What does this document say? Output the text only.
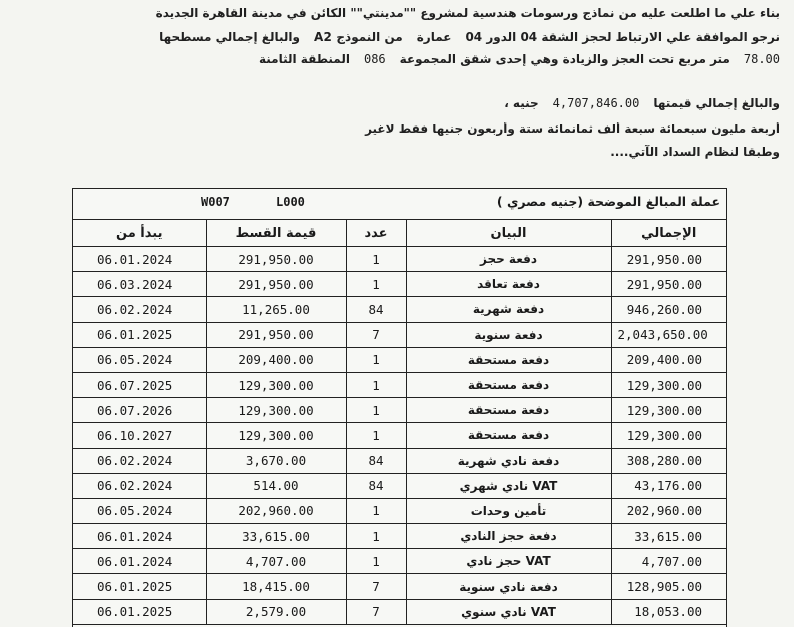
بناء علي ما اطلعت عليه من نماذج ورسومات هندسية لمشروع ""مدينتي"" الكائن في مدينة القاهرة الجديدة
نرجو الموافقة علي الارتباط لحجز الشقة 04 الدور 04عمارةمن النموذج A2والبالغ إجمالي مسطحها
78.00متر مربع تحت العجز والزيادة وهي إحدى شقق المجموعة086المنطقة الثامنة
والبالغ إجمالي قيمتها4,707,846.00جنيه ،
أربعة مليون سبعمائة سبعة ألف ثمانمائة ستة وأربعون جنيها فقط لاغير
وطبقا لنظام السداد الآتي....
W007	L000	عملة المبالغ الموضحة (جنيه مصري )
يبدأ من	قيمة القسط	عدد	البيان	الإجمالي
06.01.2024	291,950.00	1	دفعة حجز	291,950.00
06.03.2024	291,950.00	1	دفعة تعاقد	291,950.00
06.02.2024	11,265.00	84	دفعة شهرية	946,260.00
06.01.2025	291,950.00	7	دفعة سنوية	2,043,650.00
06.05.2024	209,400.00	1	دفعة مستحقة	209,400.00
06.07.2025	129,300.00	1	دفعة مستحقة	129,300.00
06.07.2026	129,300.00	1	دفعة مستحقة	129,300.00
06.10.2027	129,300.00	1	دفعة مستحقة	129,300.00
06.02.2024	3,670.00	84	دفعة نادي شهرية	308,280.00
06.02.2024	514.00	84	VAT نادي شهري	43,176.00
06.05.2024	202,960.00	1	تأمين وحدات	202,960.00
06.01.2024	33,615.00	1	دفعة حجز النادي	33,615.00
06.01.2024	4,707.00	1	VAT حجز نادي	4,707.00
06.01.2025	18,415.00	7	دفعة نادي سنوية	128,905.00
06.01.2025	2,579.00	7	VAT نادي سنوي	18,053.00
